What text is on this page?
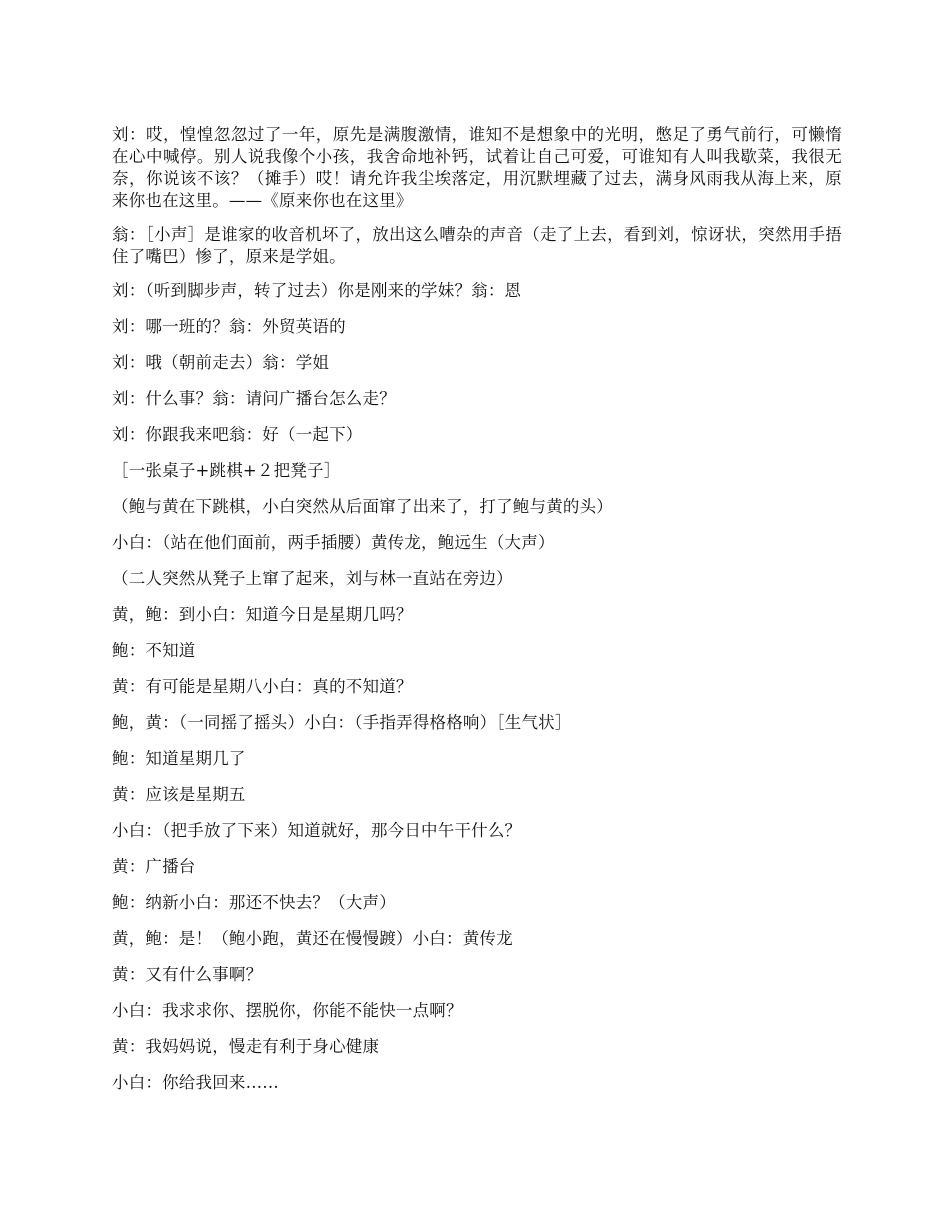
刘：哎，惶惶忽忽过了一年，原先是满腹激情，谁知不是想象中的光明，憋足了勇气前行，可懒惰在心中喊停。别人说我像个小孩，我舍命地补钙，试着让自己可爱，可谁知有人叫我歇菜，我很无奈，你说该不该？（摊手）哎！请允许我尘埃落定，用沉默埋藏了过去，满身风雨我从海上来，原来你也在这里。——《原来你也在这里》

翁：［小声］是谁家的收音机坏了，放出这么嘈杂的声音（走了上去，看到刘，惊讶状，突然用手捂住了嘴巴）惨了，原来是学姐。

刘：（听到脚步声，转了过去）你是刚来的学妹？翁：恩

刘：哪一班的？翁：外贸英语的

刘：哦（朝前走去）翁：学姐

刘：什么事？翁：请问广播台怎么走？

刘：你跟我来吧翁：好（一起下）

［一张桌子+跳棋+２把凳子］

（鲍与黄在下跳棋，小白突然从后面窜了出来了，打了鲍与黄的头）

小白：（站在他们面前，两手插腰）黄传龙，鲍远生（大声）

（二人突然从凳子上窜了起来，刘与林一直站在旁边）

黄，鲍：到小白：知道今日是星期几吗？

鲍：不知道

黄：有可能是星期八小白：真的不知道？

鲍，黄：（一同摇了摇头）小白：（手指弄得格格响）［生气状］

鲍：知道星期几了

黄：应该是星期五

小白：（把手放了下来）知道就好，那今日中午干什么？

黄：广播台

鲍：纳新小白：那还不快去？（大声）

黄，鲍：是！（鲍小跑，黄还在慢慢踱）小白：黄传龙

黄：又有什么事啊？

小白：我求求你、摆脱你，你能不能快一点啊？

黄：我妈妈说，慢走有利于身心健康

小白：你给我回来……
